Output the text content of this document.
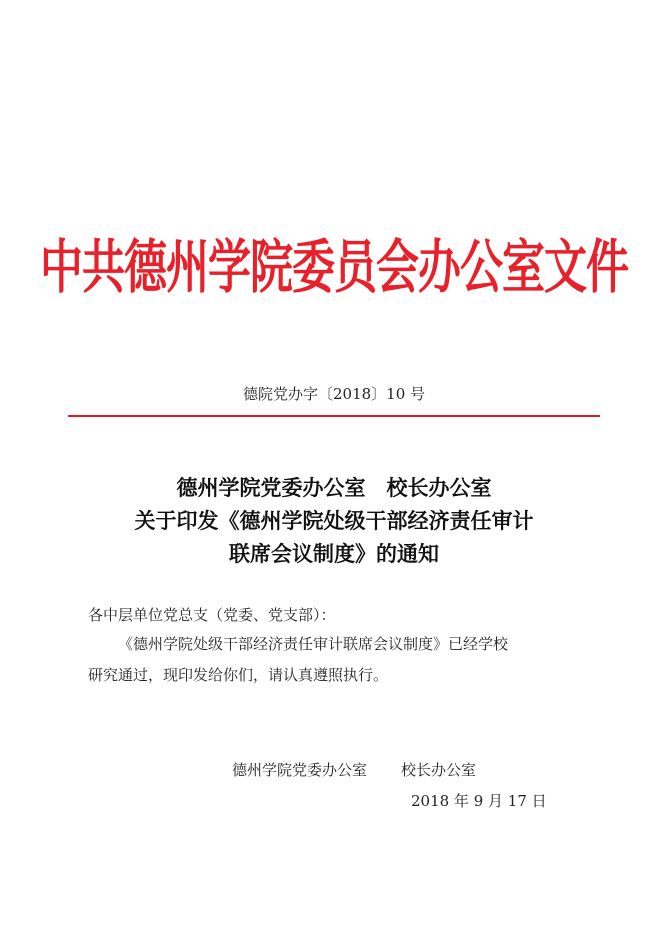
中共德州学院委员会办公室文件
德院党办字〔2018〕10 号
德州学院党委办公室　校长办公室
关于印发《德州学院处级干部经济责任审计
联席会议制度》的通知
各中层单位党总支（党委、党支部）：
《德州学院处级干部经济责任审计联席会议制度》已经学校
研究通过，现印发给你们，请认真遵照执行。
德州学院党委办公室 校长办公室
2018 年 9 月 17 日
